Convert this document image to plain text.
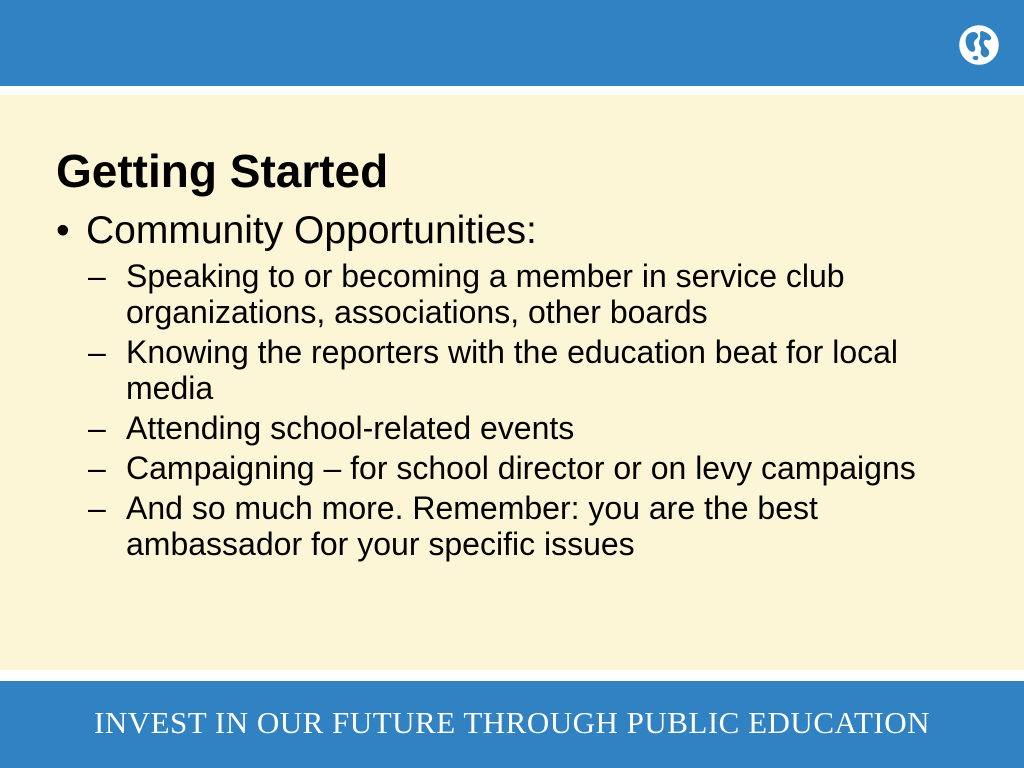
Getting Started
• Community Opportunities:
– Speaking to or becoming a member in service club organizations, associations, other boards
– Knowing the reporters with the education beat for local media
– Attending school-related events
– Campaigning – for school director or on levy campaigns
– And so much more. Remember: you are the best ambassador for your specific issues
INVEST IN OUR FUTURE THROUGH PUBLIC EDUCATION
